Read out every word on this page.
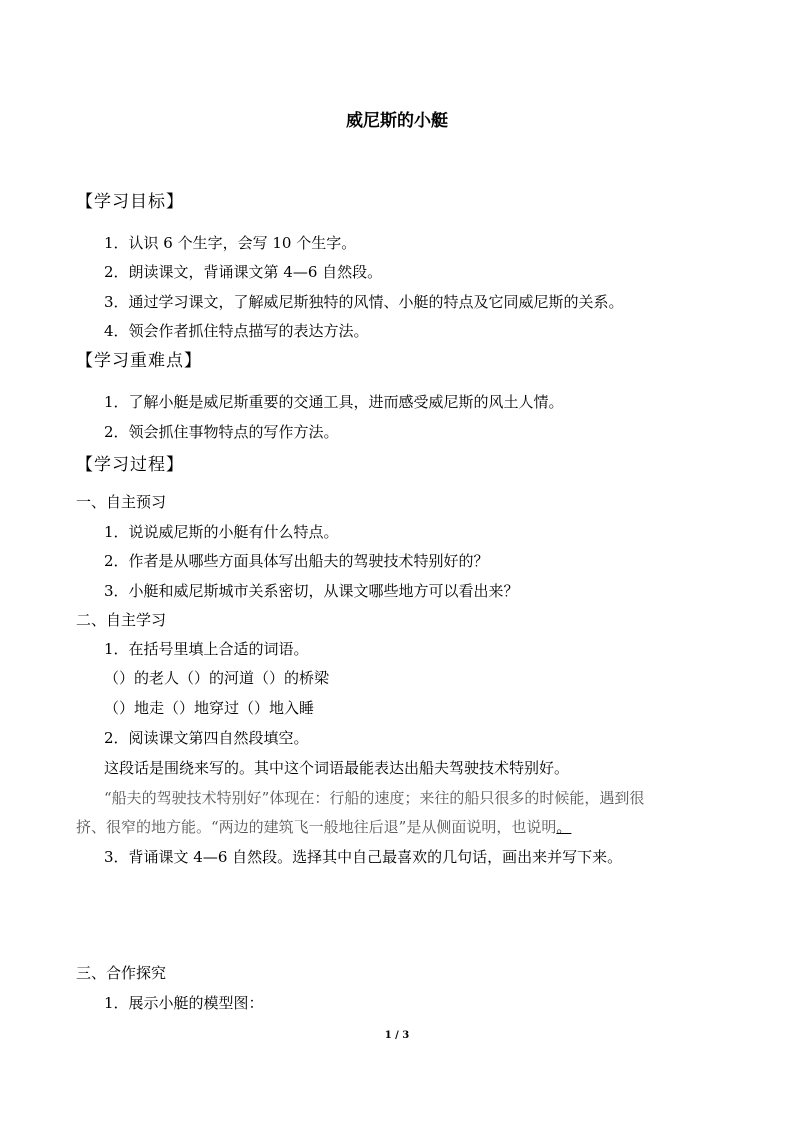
威尼斯的小艇
【学习目标】
1．认识 6 个生字，会写 10 个生字。
2．朗读课文，背诵课文第 4—6 自然段。
3．通过学习课文，了解威尼斯独特的风情、小艇的特点及它同威尼斯的关系。
4．领会作者抓住特点描写的表达方法。
【学习重难点】
1．了解小艇是威尼斯重要的交通工具，进而感受威尼斯的风土人情。
2．领会抓住事物特点的写作方法。
【学习过程】
一、自主预习
1．说说威尼斯的小艇有什么特点。
2．作者是从哪些方面具体写出船夫的驾驶技术特别好的？
3．小艇和威尼斯城市关系密切，从课文哪些地方可以看出来？
二、自主学习
1．在括号里填上合适的词语。
（）的老人（）的河道（）的桥梁
（）地走（）地穿过（）地入睡
2．阅读课文第四自然段填空。
这段话是围绕来写的。其中这个词语最能表达出船夫驾驶技术特别好。
“船夫的驾驶技术特别好”体现在：行船的速度；来往的船只很多的时候能，遇到很
挤、很窄的地方能。“两边的建筑飞一般地往后退”是从侧面说明，也说明。
3．背诵课文 4—6 自然段。选择其中自己最喜欢的几句话，画出来并写下来。
三、合作探究
1．展示小艇的模型图：
1 / 3
